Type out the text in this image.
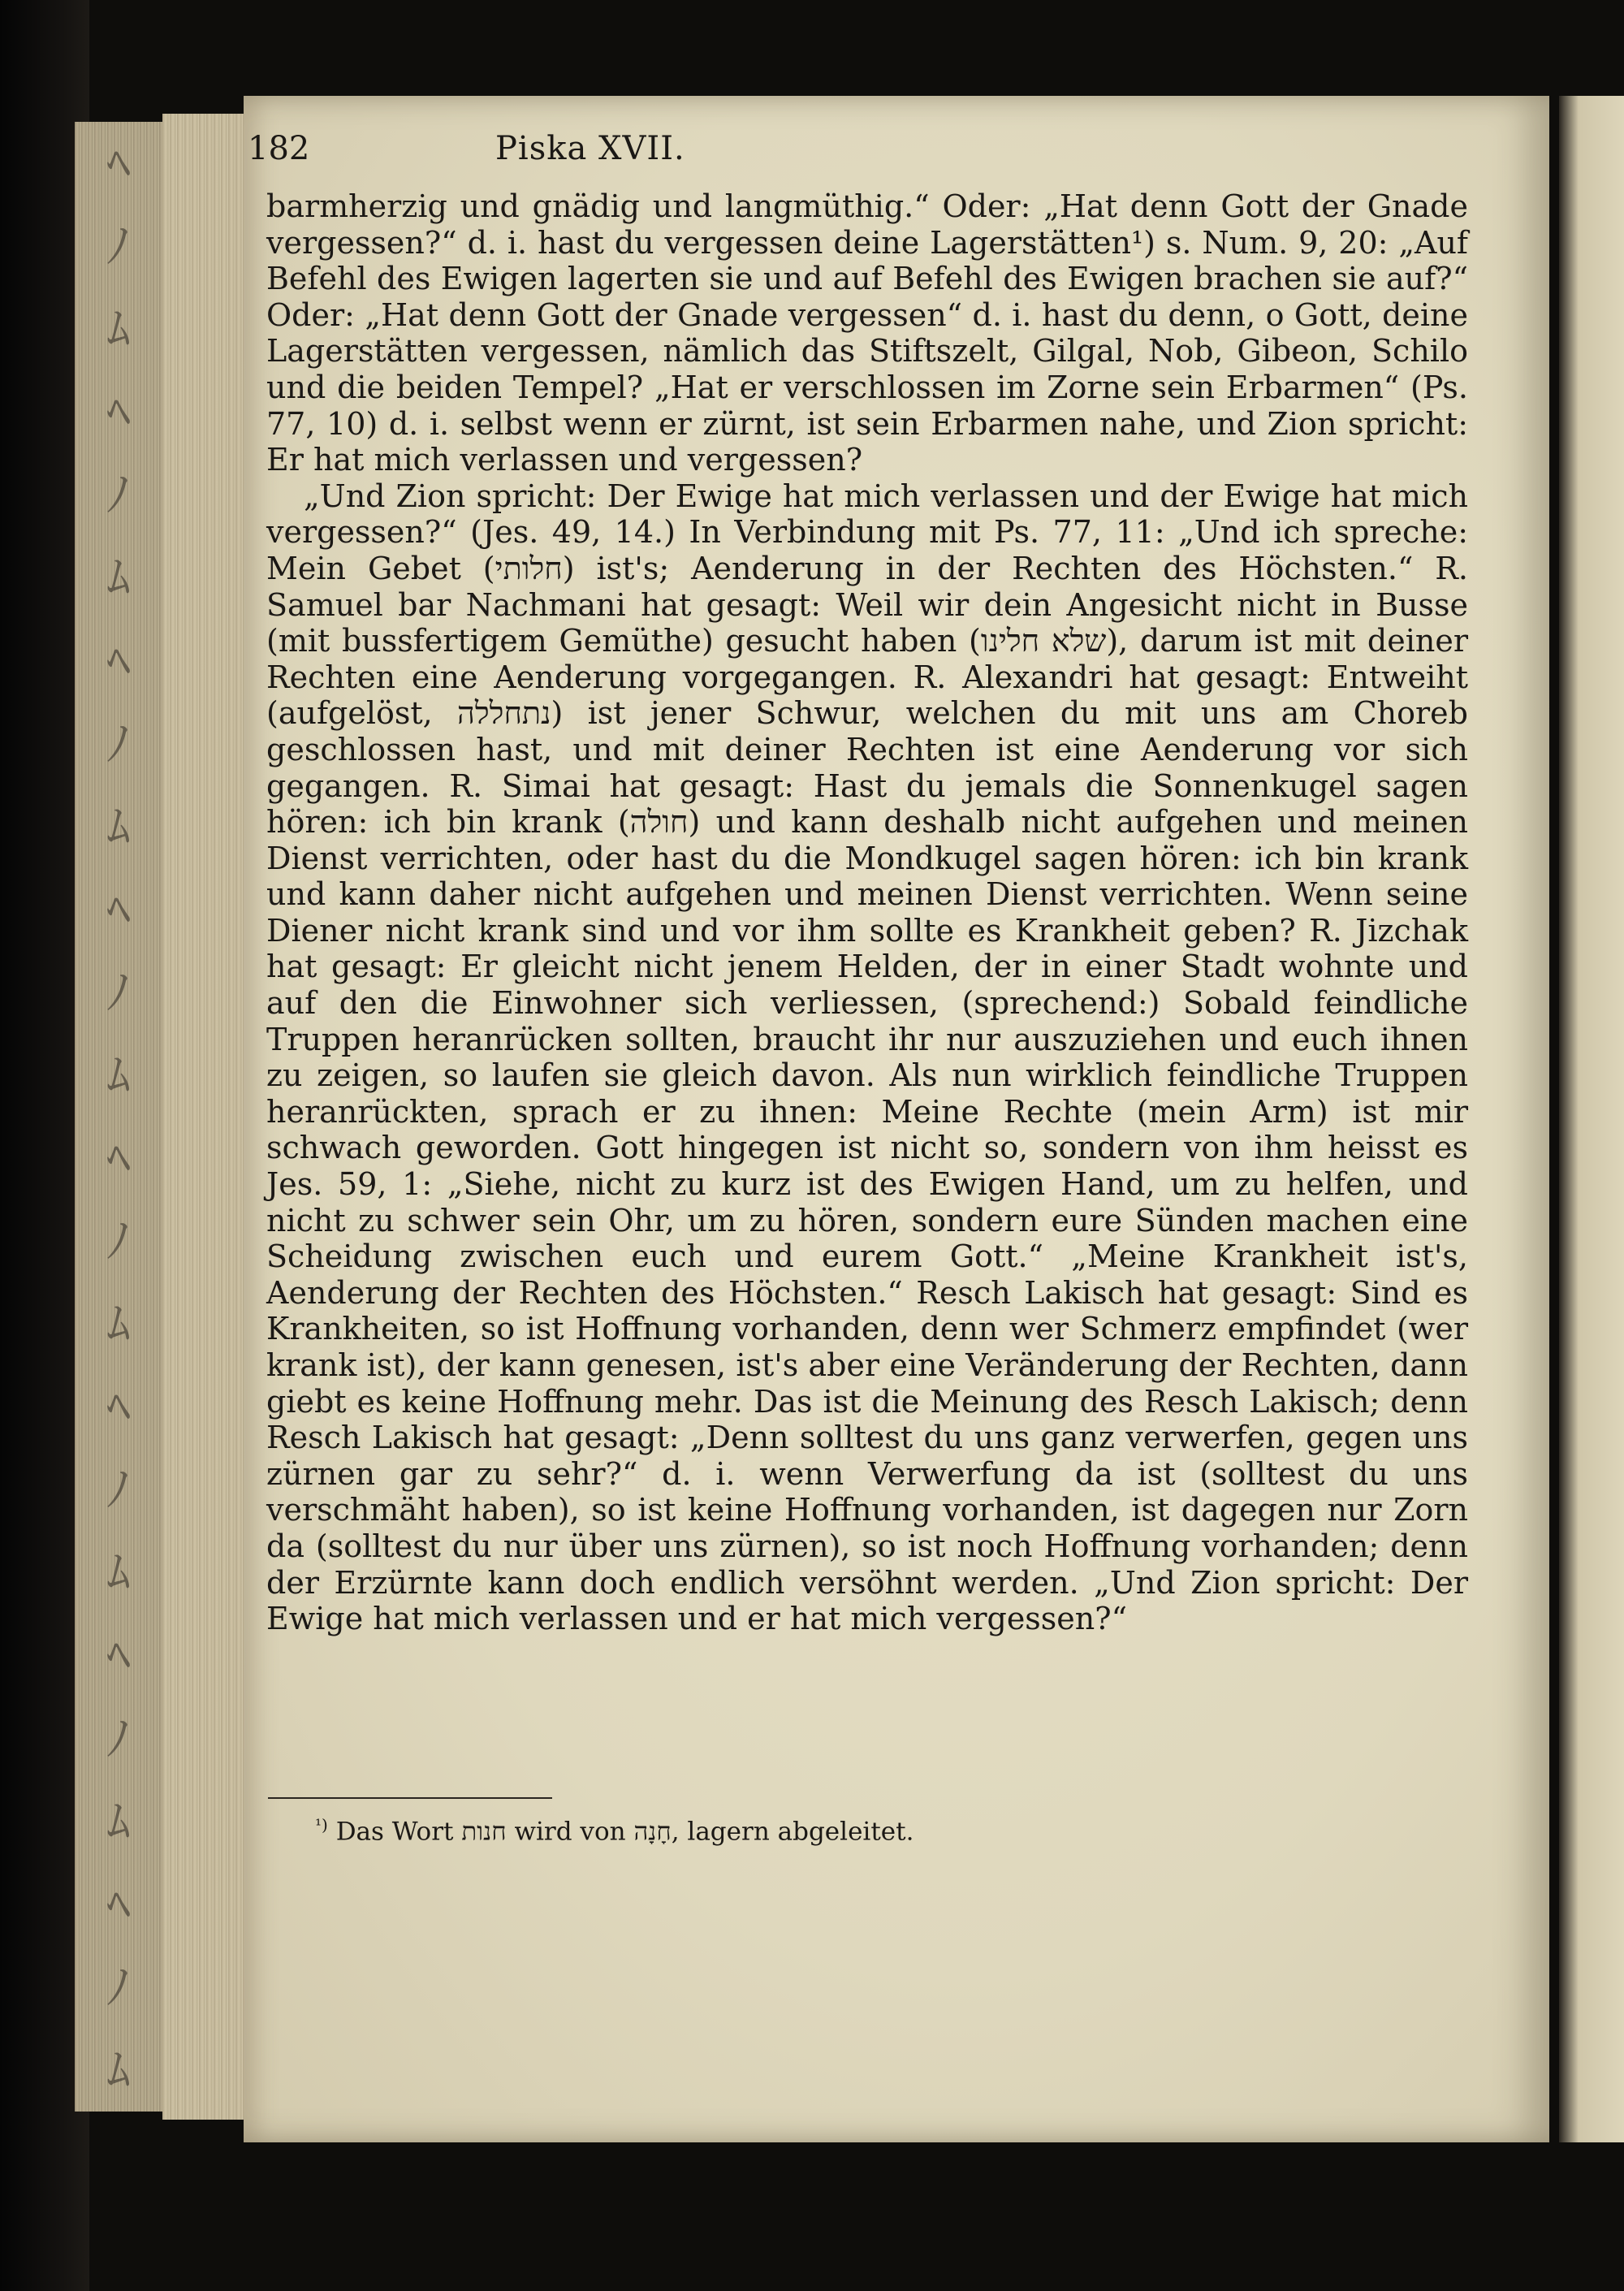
ﾍ
ﾉ
ﾑ
ﾍ
ﾉ
ﾑ
ﾍ
ﾉ
ﾑ
ﾍ
ﾉ
ﾑ
ﾍ
ﾉ
ﾑ
ﾍ
ﾉ
ﾑ
ﾍ
ﾉ
ﾑ
ﾍ
ﾉ
ﾑ
182	Piska XVII.

barmherzig und gnädig und langmüthig.“ Oder: „Hat denn Gott der Gnade vergessen?“ d. i. hast du vergessen deine Lagerstätten¹) s. Num. 9, 20: „Auf Befehl des Ewigen lagerten sie und auf Befehl des Ewigen brachen sie auf?“ Oder: „Hat denn Gott der Gnade vergessen“ d. i. hast du denn, o Gott, deine Lagerstätten vergessen, nämlich das Stiftszelt, Gilgal, Nob, Gibeon, Schilo und die beiden Tempel? „Hat er verschlossen im Zorne sein Erbarmen“ (Ps. 77, 10) d. i. selbst wenn er zürnt, ist sein Erbarmen nahe, und Zion spricht: Er hat mich verlassen und vergessen?

„Und Zion spricht: Der Ewige hat mich verlassen und der Ewige hat mich vergessen?“ (Jes. 49, 14.) In Verbindung mit Ps. 77, 11: „Und ich spreche: Mein Gebet (חלותי) ist's; Aenderung in der Rechten des Höchsten.“ R. Samuel bar Nachmani hat gesagt: Weil wir dein Angesicht nicht in Busse (mit bussfertigem Gemüthe) gesucht haben (שלא חלינו), darum ist mit deiner Rechten eine Aenderung vorgegangen. R. Alexandri hat gesagt: Entweiht (aufgelöst, נתחללה) ist jener Schwur, welchen du mit uns am Choreb geschlossen hast, und mit deiner Rechten ist eine Aenderung vor sich gegangen. R. Simai hat gesagt: Hast du jemals die Sonnenkugel sagen hören: ich bin krank (חולה) und kann deshalb nicht aufgehen und meinen Dienst verrichten, oder hast du die Mondkugel sagen hören: ich bin krank und kann daher nicht aufgehen und meinen Dienst verrichten. Wenn seine Diener nicht krank sind und vor ihm sollte es Krankheit geben? R. Jizchak hat gesagt: Er gleicht nicht jenem Helden, der in einer Stadt wohnte und auf den die Einwohner sich verliessen, (sprechend:) Sobald feindliche Truppen heranrücken sollten, braucht ihr nur auszuziehen und euch ihnen zu zeigen, so laufen sie gleich davon. Als nun wirklich feindliche Truppen heranrückten, sprach er zu ihnen: Meine Rechte (mein Arm) ist mir schwach geworden. Gott hingegen ist nicht so, sondern von ihm heisst es Jes. 59, 1: „Siehe, nicht zu kurz ist des Ewigen Hand, um zu helfen, und nicht zu schwer sein Ohr, um zu hören, sondern eure Sünden machen eine Scheidung zwischen euch und eurem Gott.“ „Meine Krankheit ist's, Aenderung der Rechten des Höchsten.“ Resch Lakisch hat gesagt: Sind es Krankheiten, so ist Hoffnung vorhanden, denn wer Schmerz empfindet (wer krank ist), der kann genesen, ist's aber eine Veränderung der Rechten, dann giebt es keine Hoffnung mehr. Das ist die Meinung des Resch Lakisch; denn Resch Lakisch hat gesagt: „Denn solltest du uns ganz verwerfen, gegen uns zürnen gar zu sehr?“ d. i. wenn Verwerfung da ist (solltest du uns verschmäht haben), so ist keine Hoffnung vorhanden, ist dagegen nur Zorn da (solltest du nur über uns zürnen), so ist noch Hoffnung vorhanden; denn der Erzürnte kann doch endlich versöhnt werden. „Und Zion spricht: Der Ewige hat mich verlassen und er hat mich vergessen?“

$^{^1)}$ Das Wort חנות wird von חָנָה, lagern abgeleitet.
